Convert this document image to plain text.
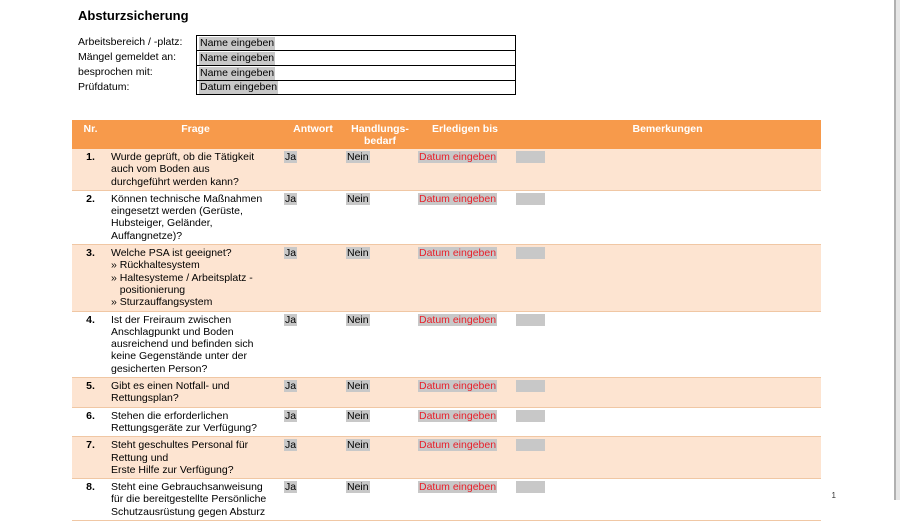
Absturzsicherung
Arbeitsbereich / -platz:	Name eingeben
Mängel gemeldet an:	Name eingeben
besprochen mit:	Name eingeben
Prüfdatum:	Datum eingeben
Nr.	Frage	Antwort	Handlungs-
bedarf	Erledigen bis	Bemerkungen
1.	Wurde geprüft, ob die Tätigkeit
auch vom Boden aus
durchgeführt werden kann?	Ja	Nein	Datum eingeben	
2.	Können technische Maßnahmen
eingesetzt werden (Gerüste,
Hubsteiger, Geländer,
Auffangnetze)?	Ja	Nein	Datum eingeben	
3.	Welche PSA ist geeignet?
» Rückhaltesystem
» Haltesysteme / Arbeitsplatz -
positionierung
» Sturzauffangsystem	Ja	Nein	Datum eingeben	
4.	Ist der Freiraum zwischen
Anschlagpunkt und Boden
ausreichend und befinden sich
keine Gegenstände unter der
gesicherten Person?	Ja	Nein	Datum eingeben	
5.	Gibt es einen Notfall- und
Rettungsplan?	Ja	Nein	Datum eingeben	
6.	Stehen die erforderlichen
Rettungsgeräte zur Verfügung?	Ja	Nein	Datum eingeben	
7.	Steht geschultes Personal für
Rettung und
Erste Hilfe zur Verfügung?	Ja	Nein	Datum eingeben	
8.	Steht eine Gebrauchsanweisung
für die bereitgestellte Persönliche
Schutzausrüstung gegen Absturz	Ja	Nein	Datum eingeben	
1
